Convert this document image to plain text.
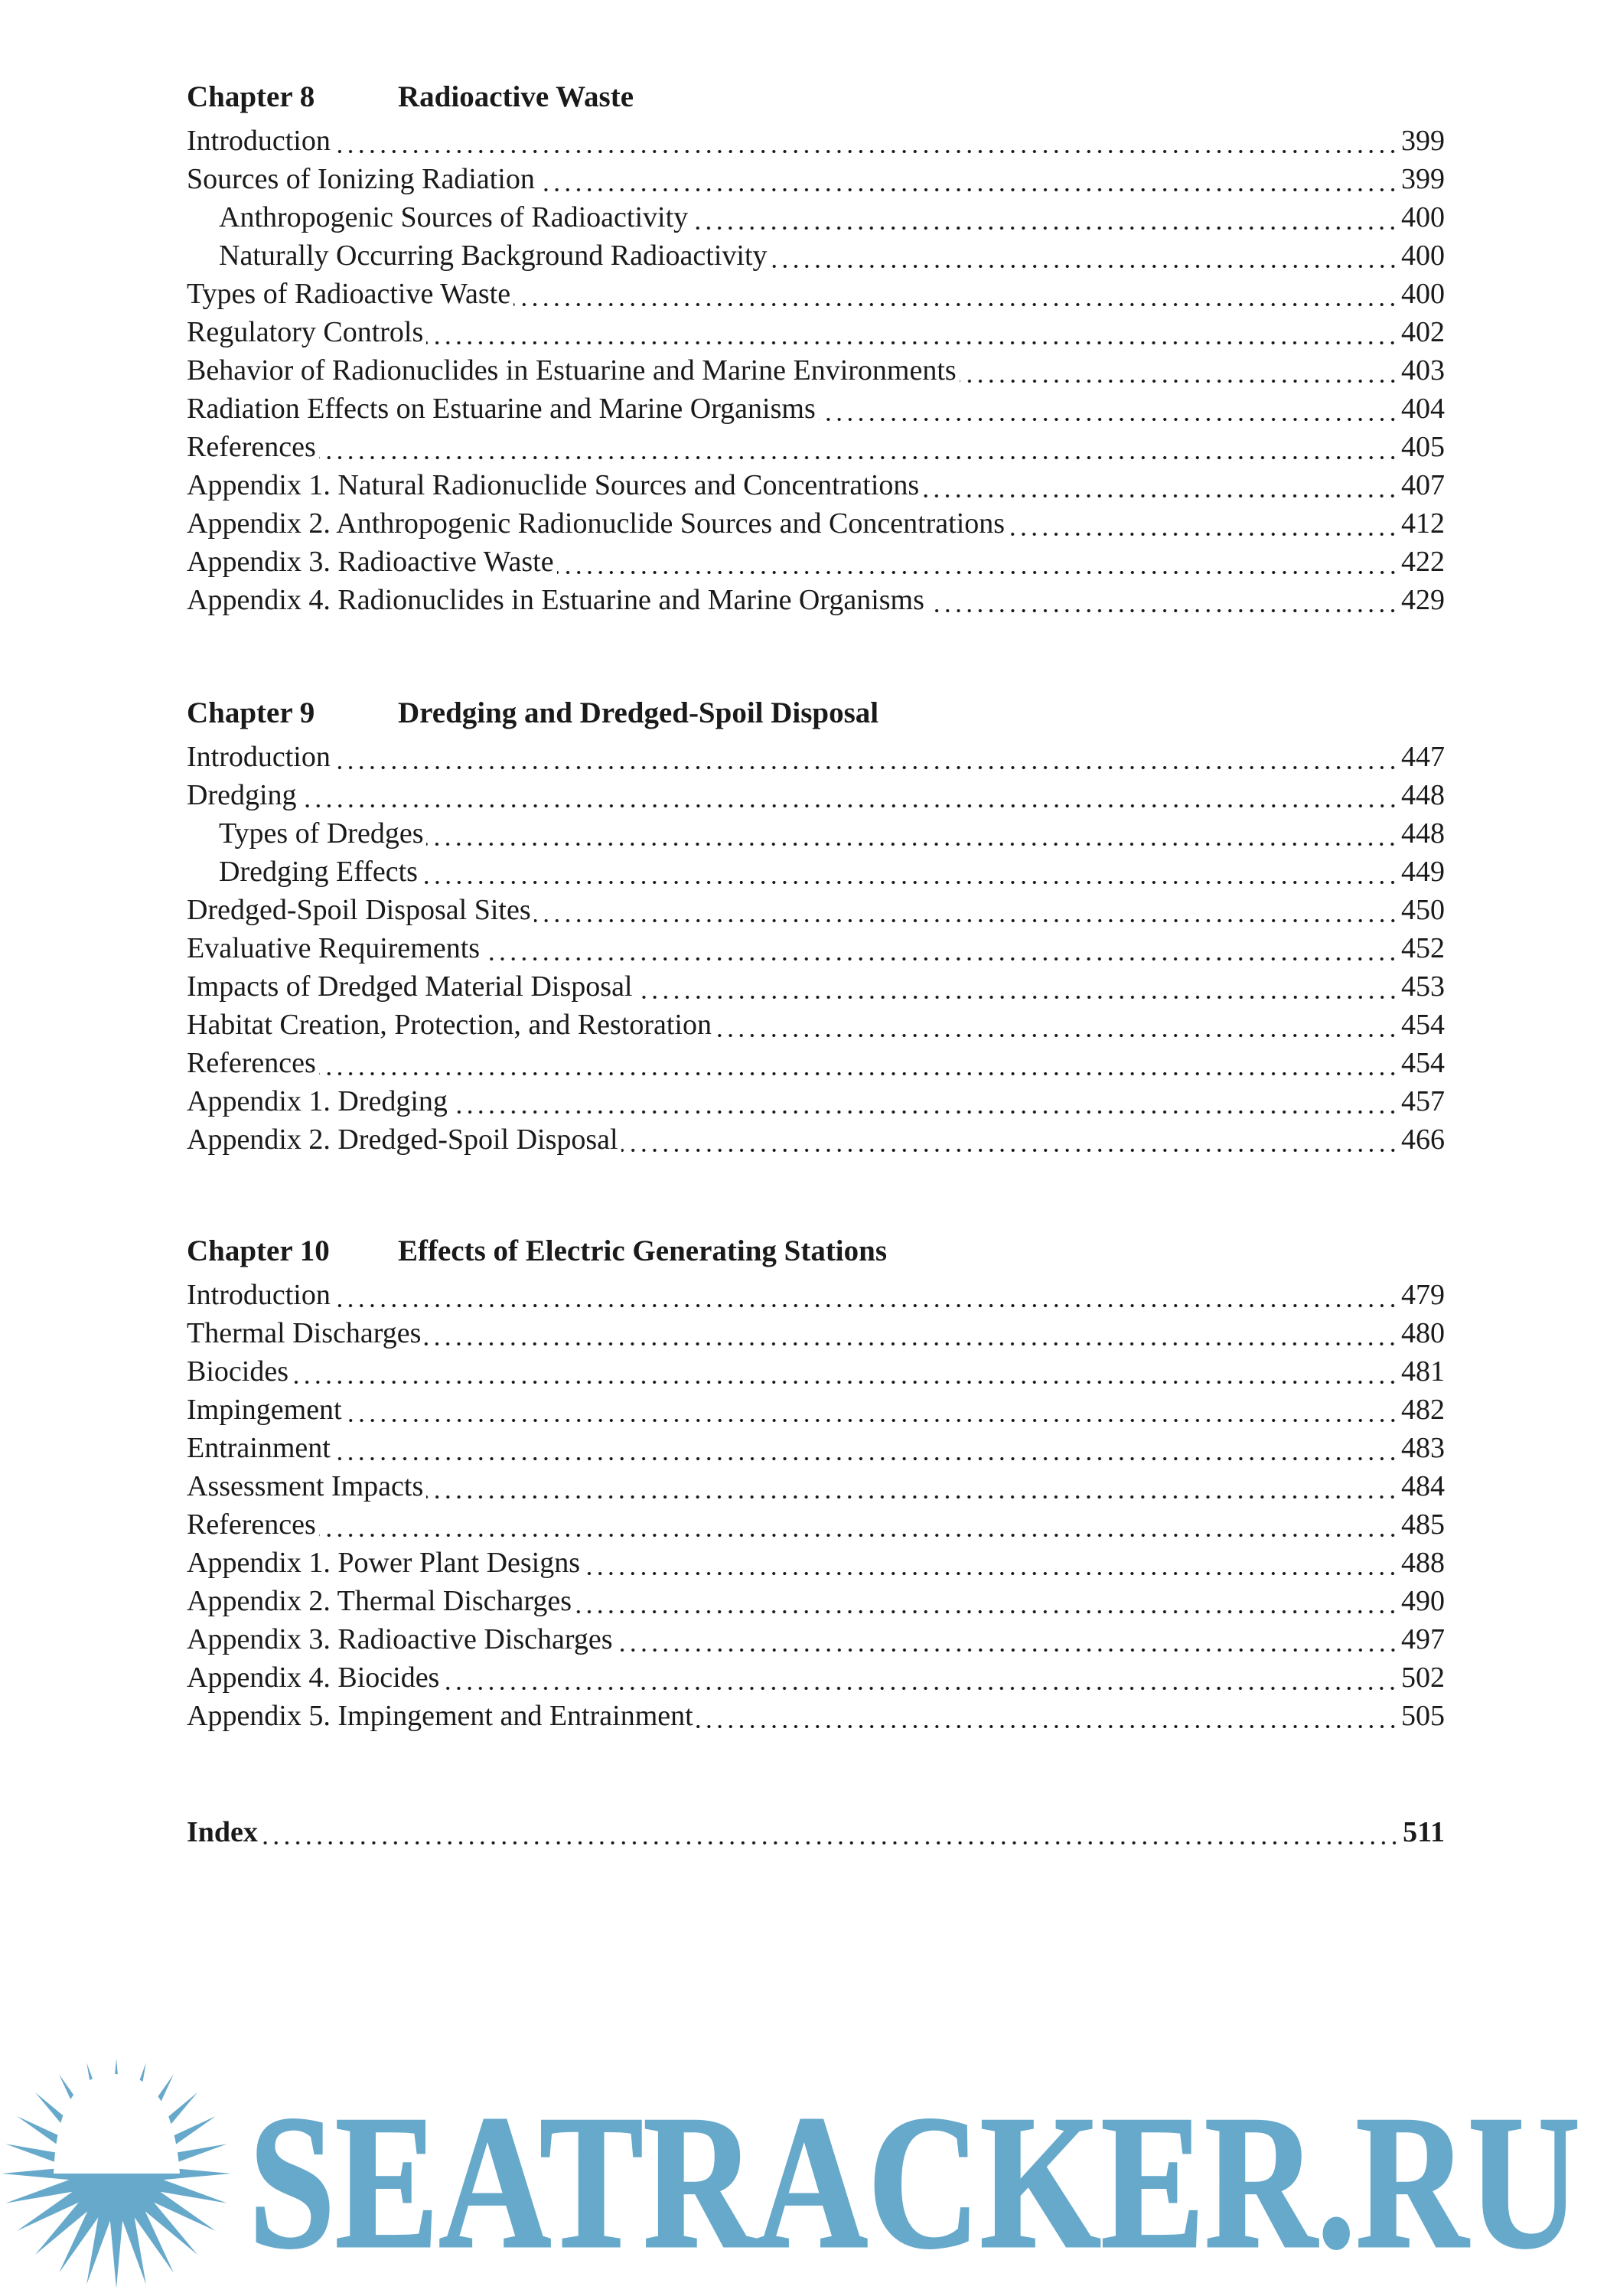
Chapter 8	Radioactive Waste
Introduction	399
Sources of Ionizing Radiation	399
Anthropogenic Sources of Radioactivity	400
Naturally Occurring Background Radioactivity	400
Types of Radioactive Waste	400
Regulatory Controls	402
Behavior of Radionuclides in Estuarine and Marine Environments	403
Radiation Effects on Estuarine and Marine Organisms	404
References	405
Appendix 1. Natural Radionuclide Sources and Concentrations	407
Appendix 2. Anthropogenic Radionuclide Sources and Concentrations	412
Appendix 3. Radioactive Waste	422
Appendix 4. Radionuclides in Estuarine and Marine Organisms	429
Chapter 9	Dredging and Dredged-Spoil Disposal
Introduction	447
Dredging	448
Types of Dredges	448
Dredging Effects	449
Dredged-Spoil Disposal Sites	450
Evaluative Requirements	452
Impacts of Dredged Material Disposal	453
Habitat Creation, Protection, and Restoration	454
References	454
Appendix 1. Dredging	457
Appendix 2. Dredged-Spoil Disposal	466
Chapter 10	Effects of Electric Generating Stations
Introduction	479
Thermal Discharges	480
Biocides	481
Impingement	482
Entrainment	483
Assessment Impacts	484
References	485
Appendix 1. Power Plant Designs	488
Appendix 2. Thermal Discharges	490
Appendix 3. Radioactive Discharges	497
Appendix 4. Biocides	502
Appendix 5. Impingement and Entrainment	505
Index	511
SEATRACKER.RU
